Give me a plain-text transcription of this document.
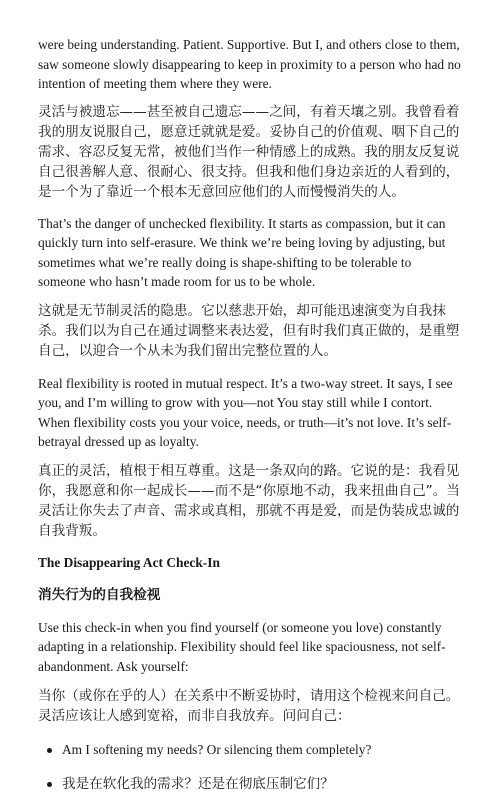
were being understanding. Patient. Supportive. But I, and others close to them, saw someone slowly disappearing to keep in proximity to a person who had no intention of meeting them where they were.

灵活与被遗忘——甚至被自己遗忘——之间，有着天壤之别。我曾看着我的朋友说服自己，愿意迁就就是爱。妥协自己的价值观、咽下自己的需求、容忍反复无常，被他们当作一种情感上的成熟。我的朋友反复说自己很善解人意、很耐心、很支持。但我和他们身边亲近的人看到的，是一个为了靠近一个根本无意回应他们的人而慢慢消失的人。

That’s the danger of unchecked flexibility. It starts as compassion, but it can quickly turn into self-erasure. We think we’re being loving by adjusting, but sometimes what we’re really doing is shape-shifting to be tolerable to someone who hasn’t made room for us to be whole.

这就是无节制灵活的隐患。它以慈悲开始，却可能迅速演变为自我抹杀。我们以为自己在通过调整来表达爱，但有时我们真正做的，是重塑自己，以迎合一个从未为我们留出完整位置的人。

Real flexibility is rooted in mutual respect. It’s a two-way street. It says, I see you, and I’m willing to grow with you—not You stay still while I contort. When flexibility costs you your voice, needs, or truth—it’s not love. It’s self-betrayal dressed up as loyalty.

真正的灵活，植根于相互尊重。这是一条双向的路。它说的是：我看见你，我愿意和你一起成长——而不是“你原地不动，我来扭曲自己”。当灵活让你失去了声音、需求或真相，那就不再是爱，而是伪装成忠诚的自我背叛。

The Disappearing Act Check-In
消失行为的自我检视

Use this check-in when you find yourself (or someone you love) constantly adapting in a relationship. Flexibility should feel like spaciousness, not self-abandonment. Ask yourself:

当你（或你在乎的人）在关系中不断妥协时，请用这个检视来问自己。灵活应该让人感到宽裕，而非自我放弃。问问自己：

Am I softening my needs? Or silencing them completely?
我是在软化我的需求？还是在彻底压制它们？
